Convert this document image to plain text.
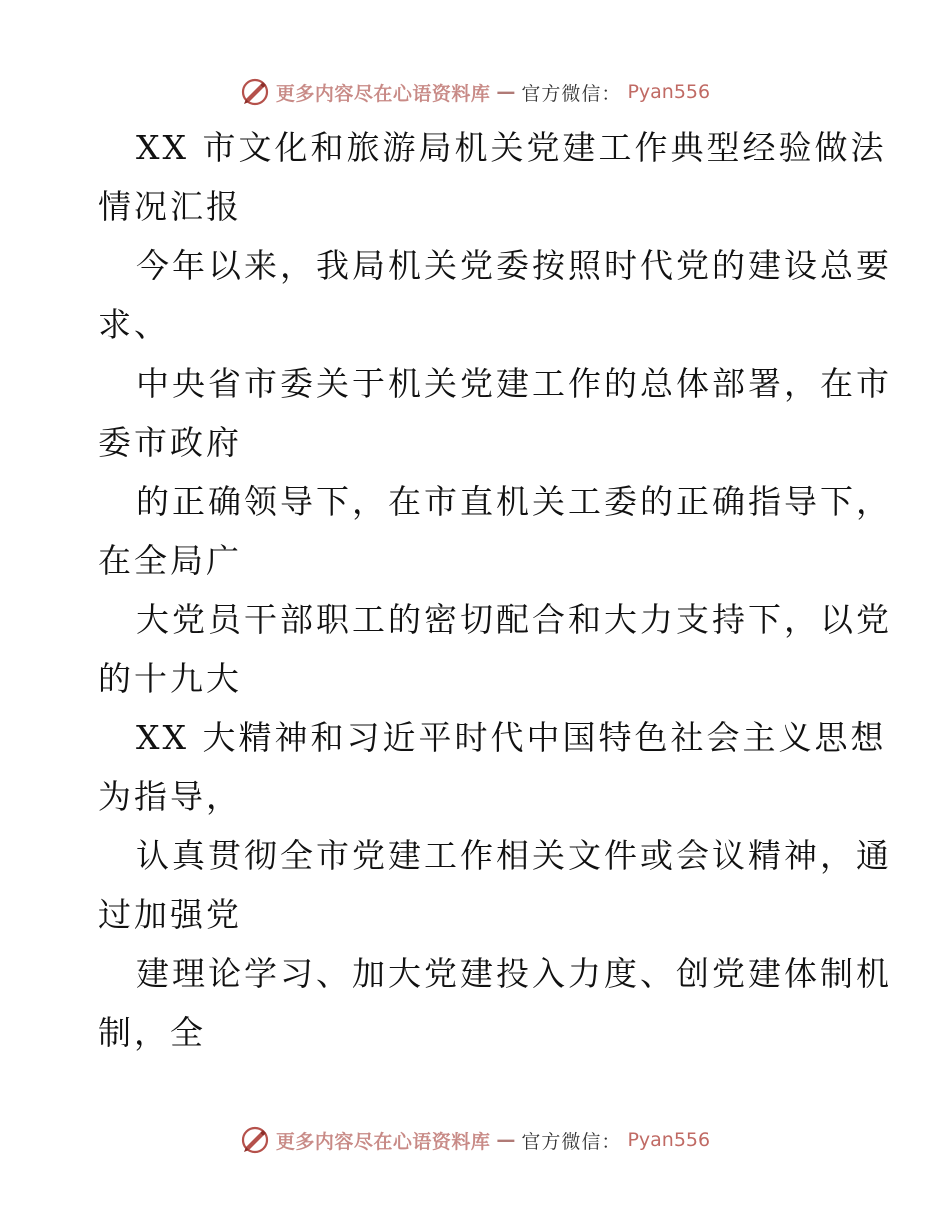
更多内容尽在心语资料库 — 官方微信： Pyan556
XX 市文化和旅游局机关党建工作典型经验做法
情况汇报
今年以来，我局机关党委按照时代党的建设总要
求、
中央省市委关于机关党建工作的总体部署，在市
委市政府
的正确领导下，在市直机关工委的正确指导下，
在全局广
大党员干部职工的密切配合和大力支持下，以党
的十九大
XX 大精神和习近平时代中国特色社会主义思想
为指导，
认真贯彻全市党建工作相关文件或会议精神，通
过加强党
建理论学习、加大党建投入力度、创党建体制机
制，全
更多内容尽在心语资料库 — 官方微信： Pyan556
